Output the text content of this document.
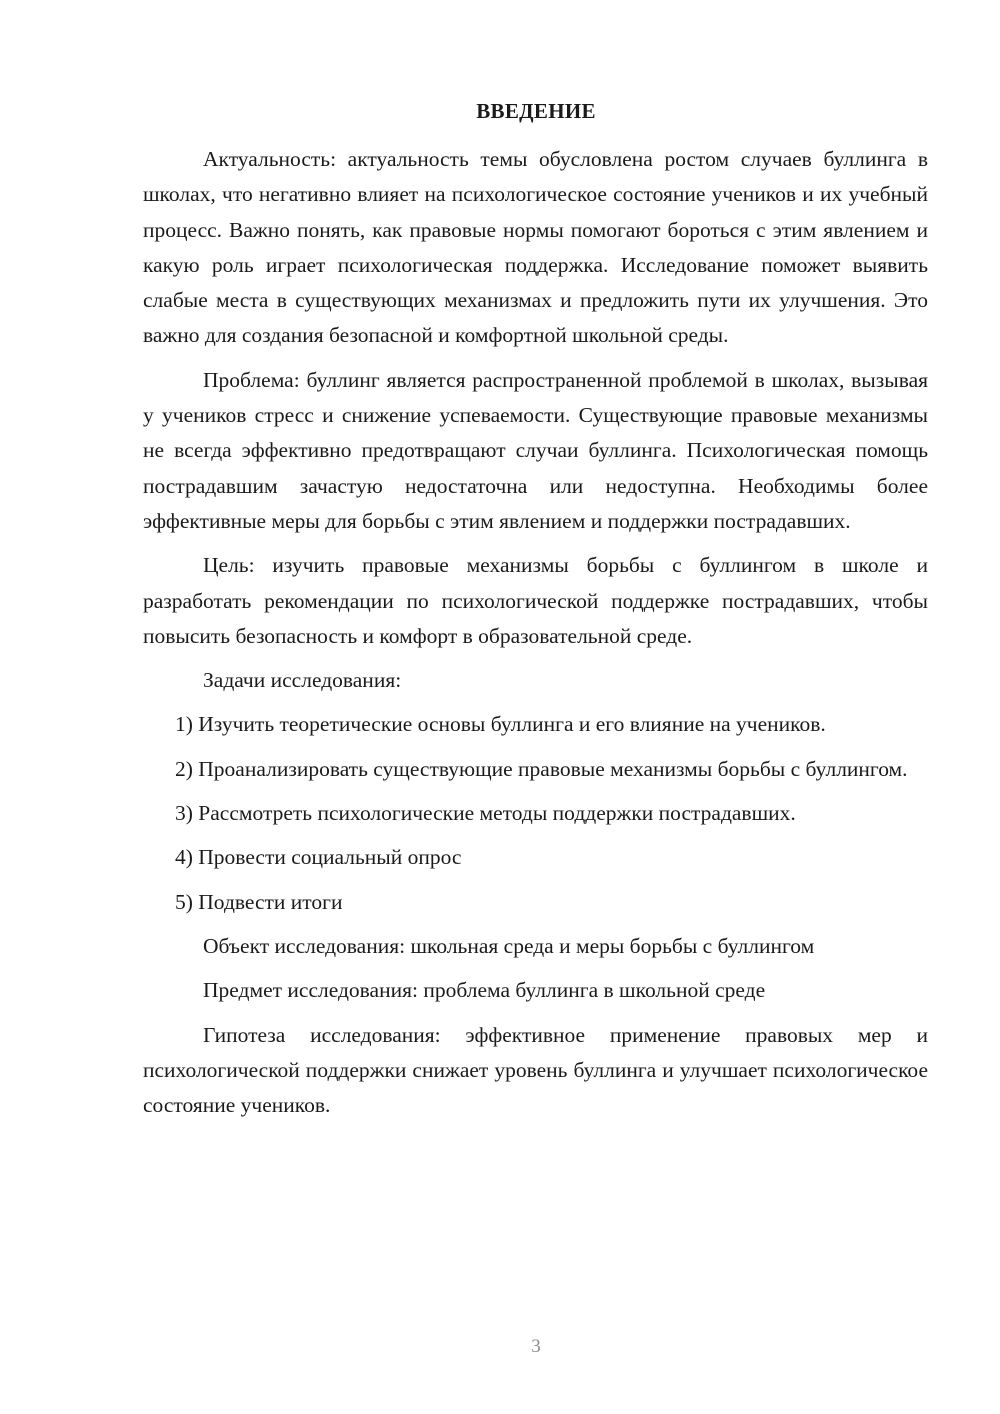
ВВЕДЕНИЕ

Актуальность: актуальность темы обусловлена ростом случаев буллинга в школах, что негативно влияет на психологическое состояние учеников и их учебный процесс. Важно понять, как правовые нормы помогают бороться с этим явлением и какую роль играет психологическая поддержка. Исследование поможет выявить слабые места в существующих механизмах и предложить пути их улучшения. Это важно для создания безопасной и комфортной школьной среды.

Проблема: буллинг является распространенной проблемой в школах, вызывая у учеников стресс и снижение успеваемости. Существующие правовые механизмы не всегда эффективно предотвращают случаи буллинга. Психологическая помощь пострадавшим зачастую недостаточна или недоступна. Необходимы более эффективные меры для борьбы с этим явлением и поддержки пострадавших.

Цель: изучить правовые механизмы борьбы с буллингом в школе и разработать рекомендации по психологической поддержке пострадавших, чтобы повысить безопасность и комфорт в образовательной среде.

Задачи исследования:

1) Изучить теоретические основы буллинга и его влияние на учеников.

2) Проанализировать существующие правовые механизмы борьбы с буллингом.

3) Рассмотреть психологические методы поддержки пострадавших.

4) Провести социальный опрос

5) Подвести итоги

Объект исследования: школьная среда и меры борьбы с буллингом

Предмет исследования: проблема буллинга в школьной среде

Гипотеза исследования: эффективное применение правовых мер и психологической поддержки снижает уровень буллинга и улучшает психологическое состояние учеников.

3
